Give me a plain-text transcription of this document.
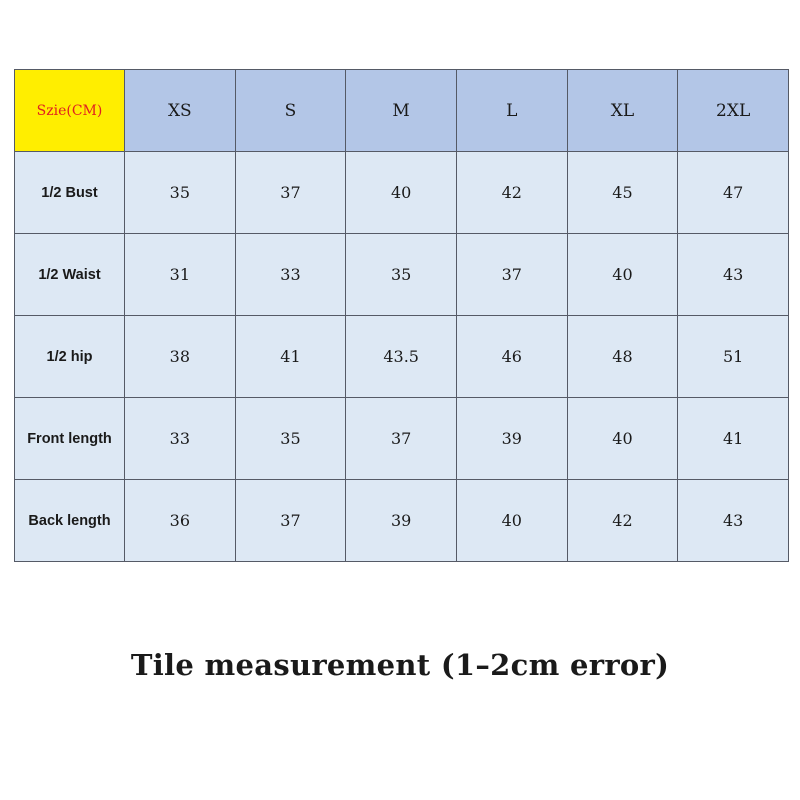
Szie(CM)	XS	S	M	L	XL	2XL
1/2 Bust	35	37	40	42	45	47
1/2 Waist	31	33	35	37	40	43
1/2 hip	38	41	43.5	46	48	51
Front length	33	35	37	39	40	41
Back length	36	37	39	40	42	43
Tile measurement (1–2cm error)
